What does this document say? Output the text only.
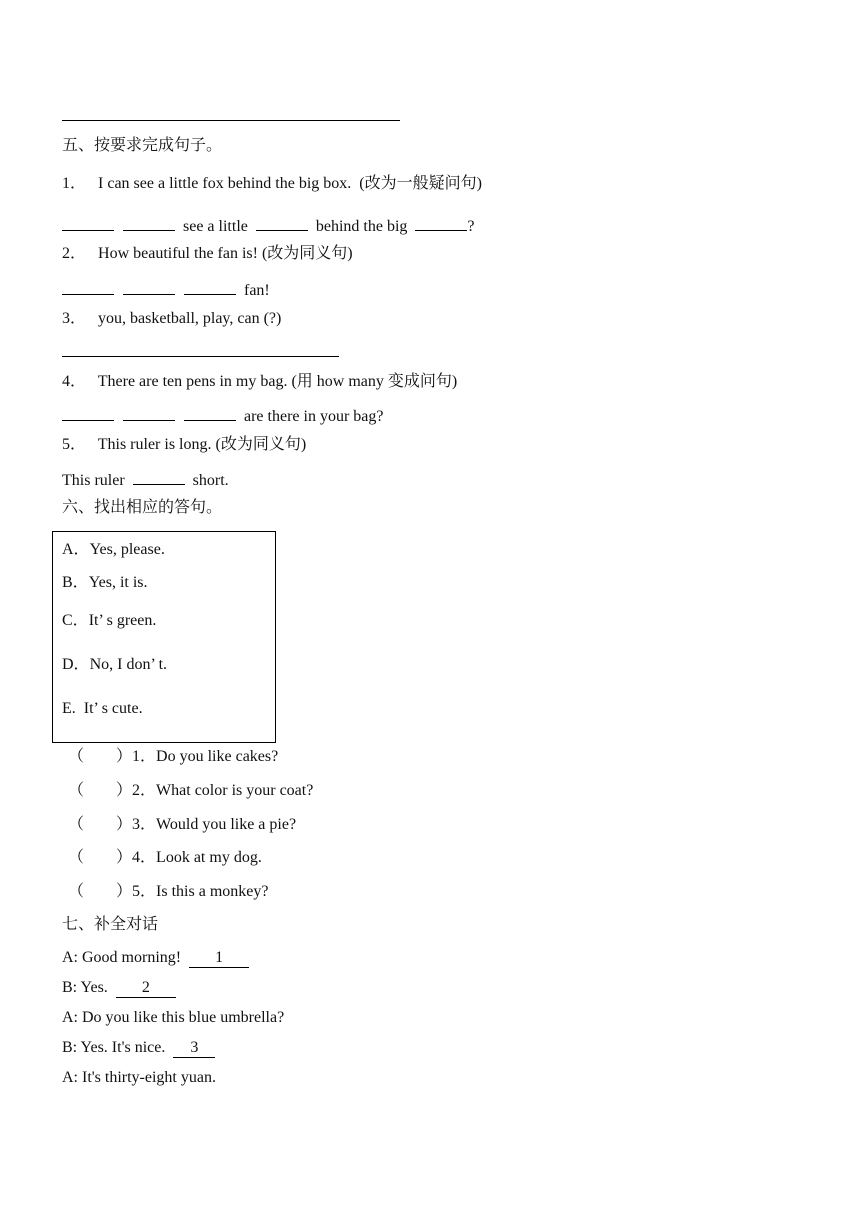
五、按要求完成句子。
1． I can see a little fox behind the big box.  (改为一般疑问句)
see a little	behind the big	?
2． How beautiful the fan is! (改为同义句)
fan!
3． you, basketball, play, can (?)
4． There are ten pens in my bag. (用 how many 变成问句)
are there in your bag?
5． This ruler is long. (改为同义句)
This ruler	short.
六、找出相应的答句。
A．Yes, please.
B．Yes, it is.
C．It’ s green.
D．No, I don’ t.
E. It’ s cute.
（ ）1．Do you like cakes?
（ ）2．What color is your coat?
（ ）3．Would you like a pie?
（ ）4．Look at my dog.
（ ）5．Is this a monkey?
七、补全对话
A: Good morning! 1
B: Yes. 2
A: Do you like this blue umbrella?
B: Yes. It's nice. 3
A: It's thirty-eight yuan.
